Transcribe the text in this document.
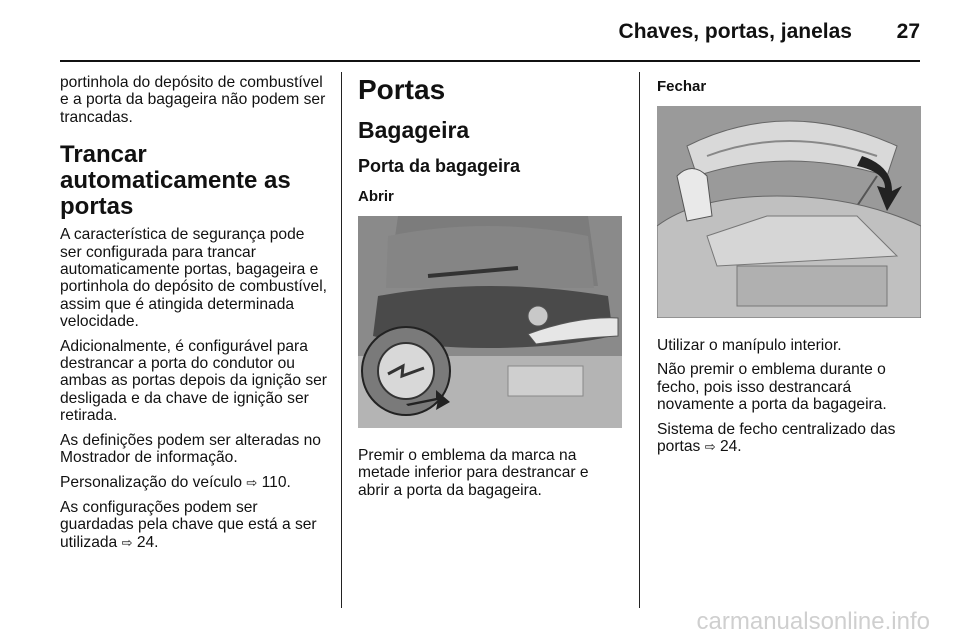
Chaves, portas, janelas 27
portinhola do depósito de combustível e a porta da bagageira não podem ser trancadas.
Trancar automaticamente as portas
A característica de segurança pode ser configurada para trancar automaticamente portas, bagageira e portinhola do depósito de combustível, assim que é atingida determinada velocidade.
Adicionalmente, é configurável para destrancar a porta do condutor ou ambas as portas depois da ignição ser desligada e da chave de ignição ser retirada.
As definições podem ser alteradas no Mostrador de informação.
Personalização do veículo ⇨ 110.
As configurações podem ser guardadas pela chave que está a ser utilizada ⇨ 24.
Portas
Bagageira
Porta da bagageira
Abrir
Premir o emblema da marca na metade inferior para destrancar e abrir a porta da bagageira.
Fechar
Utilizar o manípulo interior.
Não premir o emblema durante o fecho, pois isso destrancará novamente a porta da bagageira.
Sistema de fecho centralizado das portas ⇨ 24.
carmanualsonline.info
